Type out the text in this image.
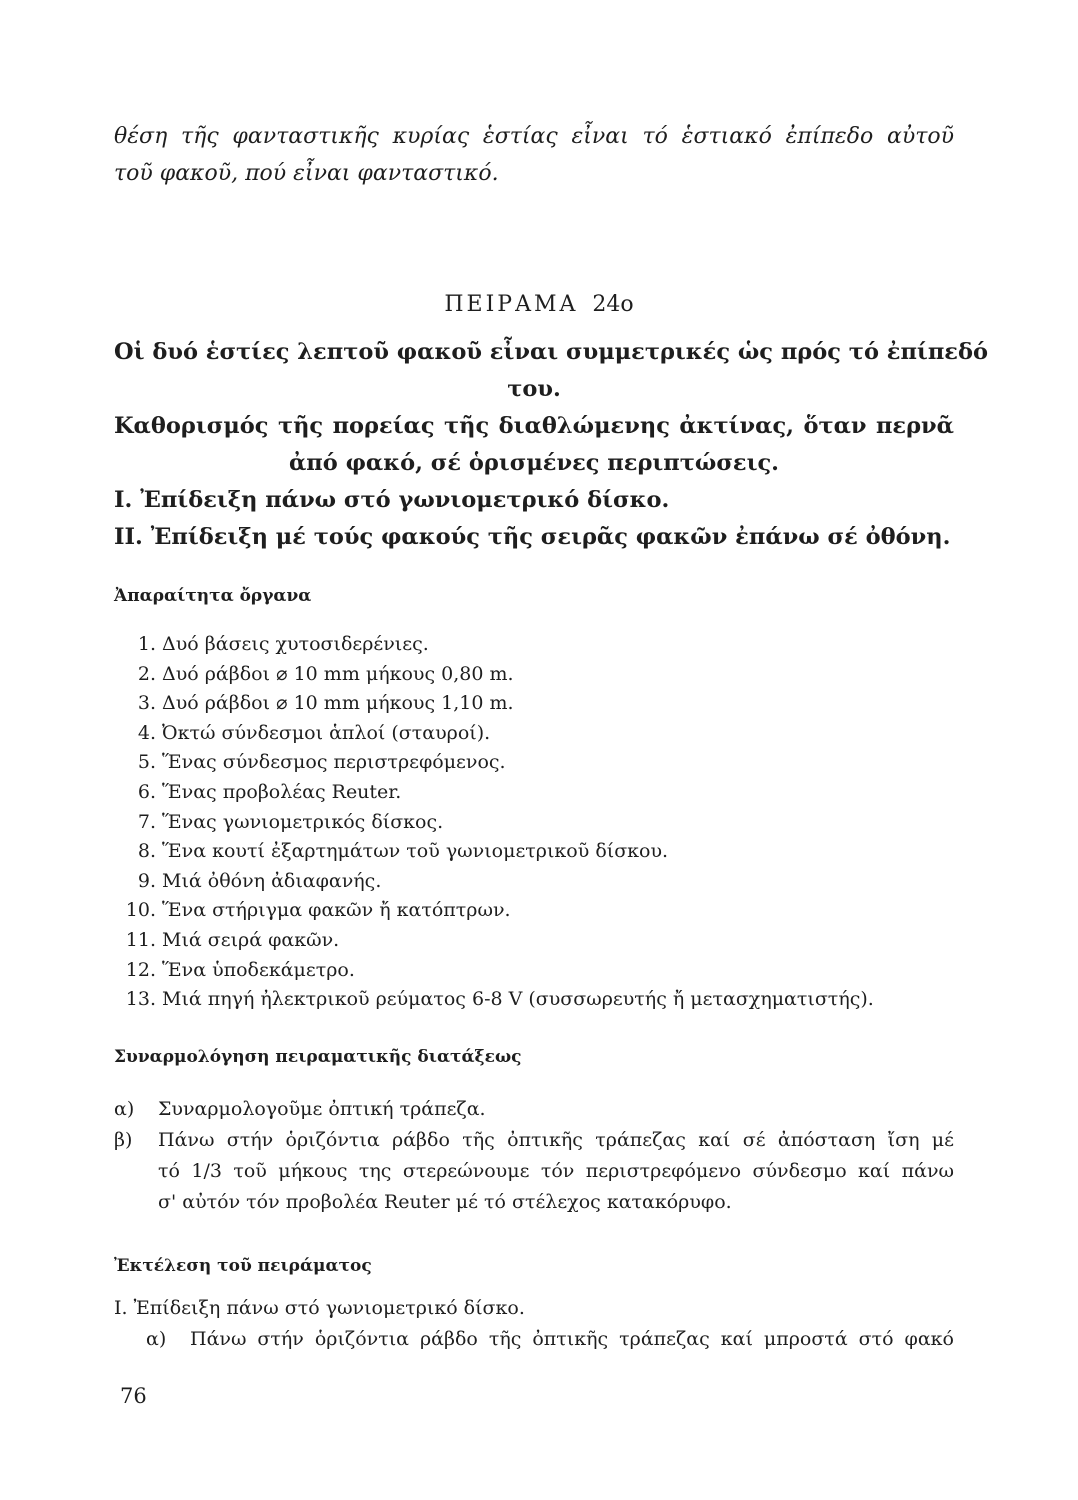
θέση τῆς φανταστικῆς κυρίας ἑστίας εἶναι τό ἑστιακό ἐπίπεδο αὐτοῦ
τοῦ φακοῦ, πού εἶναι φανταστικό.
ΠΕΙΡΑΜΑ 24ο
Οἱ δυό ἑστίες λεπτοῦ φακοῦ εἶναι συμμετρικές ὡς πρός τό ἐπίπεδό
του.
Καθορισμός τῆς πορείας τῆς διαθλώμενης ἀκτίνας, ὅταν περνᾶ
ἀπό φακό, σέ ὁρισμένες περιπτώσεις.
I. Ἐπίδειξη πάνω στό γωνιομετρικό δίσκο.
II. Ἐπίδειξη μέ τούς φακούς τῆς σειρᾶς φακῶν ἐπάνω σέ ὀθόνη.
Ἀπαραίτητα ὄργανα
1. Δυό βάσεις χυτοσιδερένιες.
2. Δυό ράβδοι ⌀ 10 mm μήκους 0,80 m.
3. Δυό ράβδοι ⌀ 10 mm μήκους 1,10 m.
4. Ὀκτώ σύνδεσμοι ἁπλοί (σταυροί).
5. Ἕνας σύνδεσμος περιστρεφόμενος.
6. Ἕνας προβολέας Reuter.
7. Ἕνας γωνιομετρικός δίσκος.
8. Ἕνα κουτί ἐξαρτημάτων τοῦ γωνιομετρικοῦ δίσκου.
9. Μιά ὀθόνη ἀδιαφανής.
10. Ἕνα στήριγμα φακῶν ἤ κατόπτρων.
11. Μιά σειρά φακῶν.
12. Ἕνα ὑποδεκάμετρο.
13. Μιά πηγή ἠλεκτρικοῦ ρεύματος 6-8 V (συσσωρευτής ἤ μετασχηματιστής).
Συναρμολόγηση πειραματικῆς διατάξεως
α)	Συναρμολογοῦμε ὀπτική τράπεζα.
β)	Πάνω στήν ὁριζόντια ράβδο τῆς ὀπτικῆς τράπεζας καί σέ ἀπόσταση ἴση μέ
τό 1/3 τοῦ μήκους της στερεώνουμε τόν περιστρεφόμενο σύνδεσμο καί πάνω
σ' αὐτόν τόν προβολέα Reuter μέ τό στέλεχος κατακόρυφο.
Ἐκτέλεση τοῦ πειράματος
I. Ἐπίδειξη πάνω στό γωνιομετρικό δίσκο.
α)	Πάνω στήν ὁριζόντια ράβδο τῆς ὀπτικῆς τράπεζας καί μπροστά στό φακό
76
